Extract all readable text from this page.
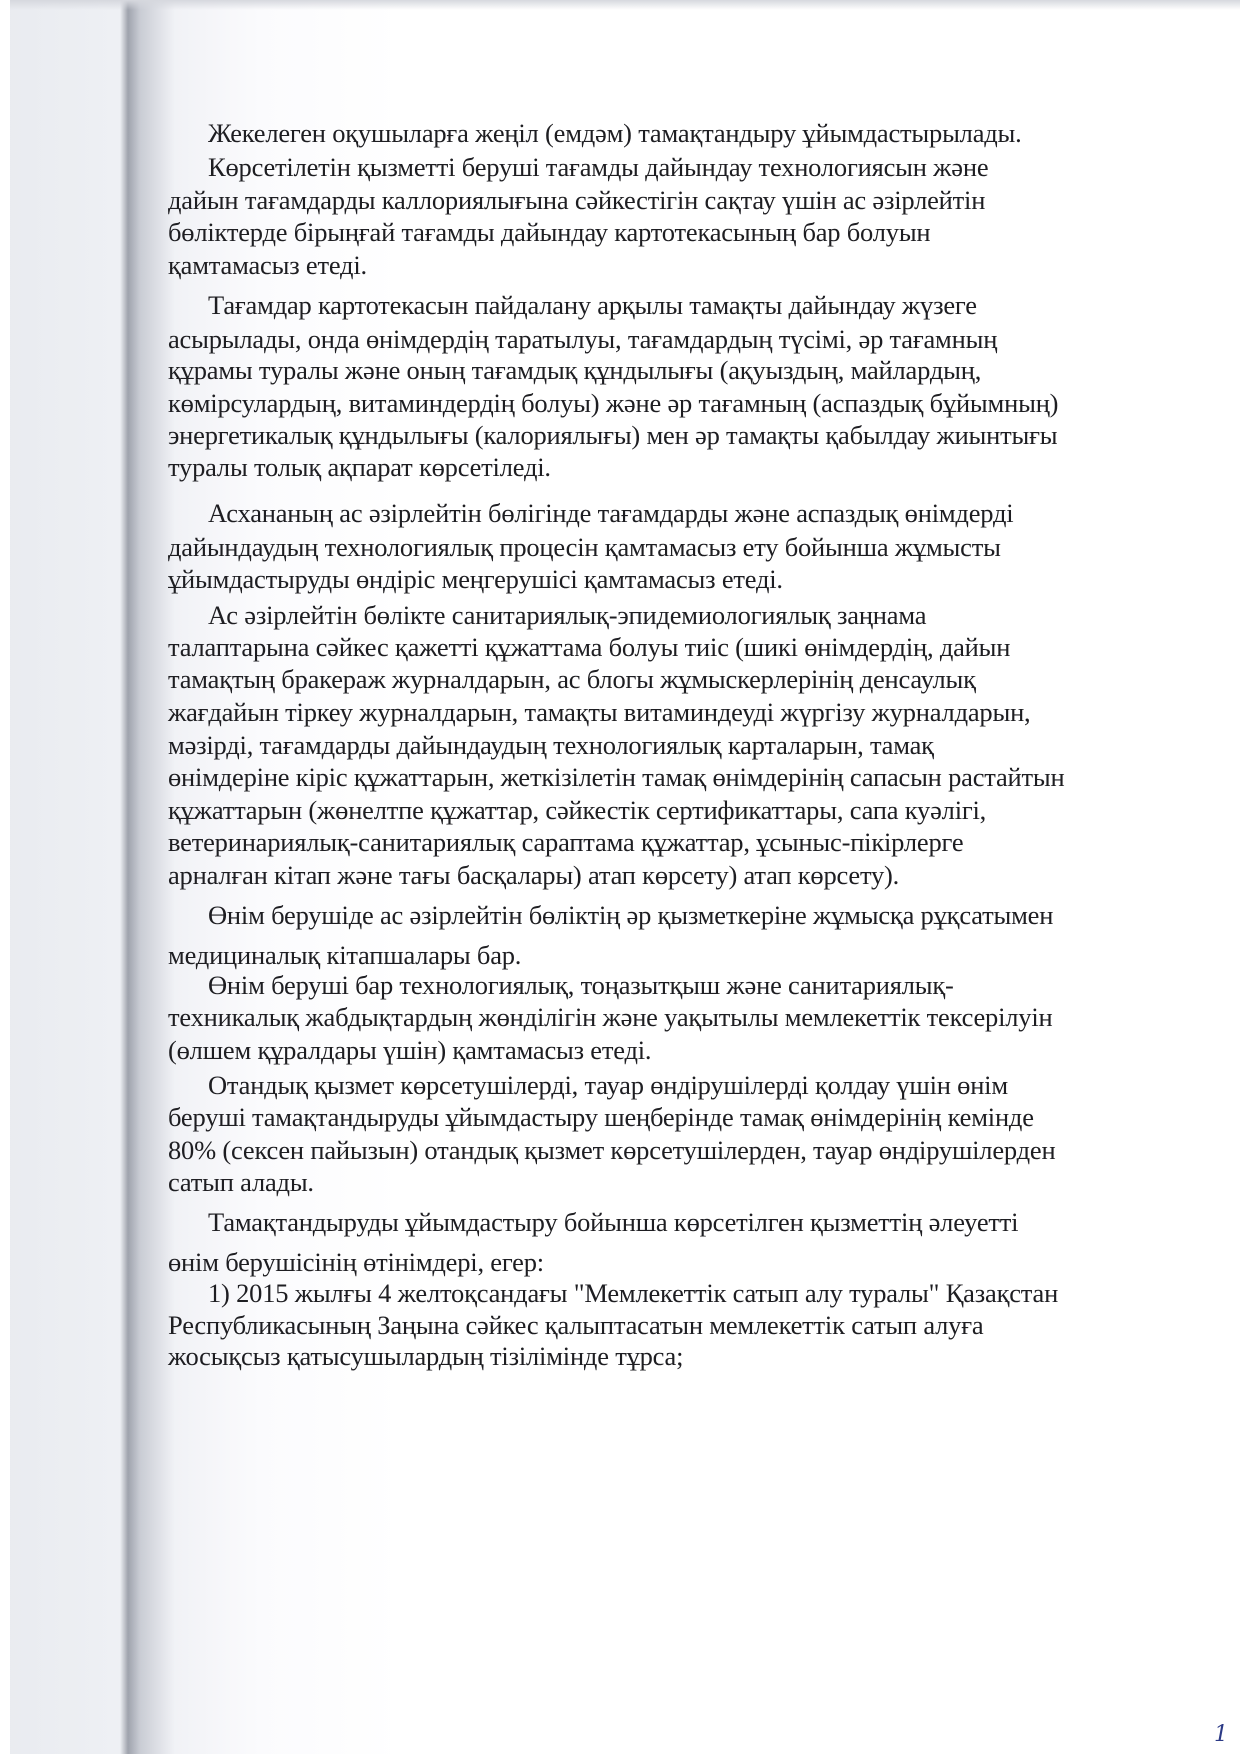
Жекелеген оқушыларға жеңіл (емдәм) тамақтандыру ұйымдастырылады.
Көрсетілетін қызметті беруші тағамды дайындау технологиясын және
дайын тағамдарды каллориялығына сәйкестігін сақтау үшін ас әзірлейтін
бөліктерде бірыңғай тағамды дайындау картотекасының бар болуын
қамтамасыз етеді.
Тағамдар картотекасын пайдалану арқылы тамақты дайындау жүзеге
асырылады, онда өнімдердің таратылуы, тағамдардың түсімі, әр тағамның
құрамы туралы және оның тағамдық құндылығы (ақуыздың, майлардың,
көмірсулардың, витаминдердің болуы) және әр тағамның (аспаздық бұйымның)
энергетикалық құндылығы (калориялығы) мен әр тамақты қабылдау жиынтығы
туралы толық ақпарат көрсетіледі.
Асхананың ас әзірлейтін бөлігінде тағамдарды және аспаздық өнімдерді
дайындаудың технологиялық процесін қамтамасыз ету бойынша жұмысты
ұйымдастыруды өндіріс меңгерушісі қамтамасыз етеді.
Ас әзірлейтін бөлікте санитариялық-эпидемиологиялық заңнама
талаптарына сәйкес қажетті құжаттама болуы тиіс (шикі өнімдердің, дайын
тамақтың бракераж журналдарын, ас блогы жұмыскерлерінің денсаулық
жағдайын тіркеу журналдарын, тамақты витаминдеуді жүргізу журналдарын,
мәзірді, тағамдарды дайындаудың технологиялық карталарын, тамақ
өнімдеріне кіріс құжаттарын, жеткізілетін тамақ өнімдерінің сапасын растайтын
құжаттарын (жөнелтпе құжаттар, сәйкестік сертификаттары, сапа куәлігі,
ветеринариялық-санитариялық сараптама құжаттар, ұсыныс-пікірлерге
арналған кітап және тағы басқалары) атап көрсету) атап көрсету).
Өнім берушіде ас әзірлейтін бөліктің әр қызметкеріне жұмысқа рұқсатымен
медициналық кітапшалары бар.
Өнім беруші бар технологиялық, тоңазытқыш және санитариялық-
техникалық жабдықтардың жөнділігін және уақытылы мемлекеттік тексерілуін
(өлшем құралдары үшін) қамтамасыз етеді.
Отандық қызмет көрсетушілерді, тауар өндірушілерді қолдау үшін өнім
беруші тамақтандыруды ұйымдастыру шеңберінде тамақ өнімдерінің кемінде
80% (сексен пайызын) отандық қызмет көрсетушілерден, тауар өндірушілерден
сатып алады.
Тамақтандыруды ұйымдастыру бойынша көрсетілген қызметтің әлеуетті
өнім берушісінің өтінімдері, егер:
1) 2015 жылғы 4 желтоқсандағы "Мемлекеттік сатып алу туралы" Қазақстан
Республикасының Заңына сәйкес қалыптасатын мемлекеттік сатып алуға
жосықсыз қатысушылардың тізілімінде тұрса;
1
